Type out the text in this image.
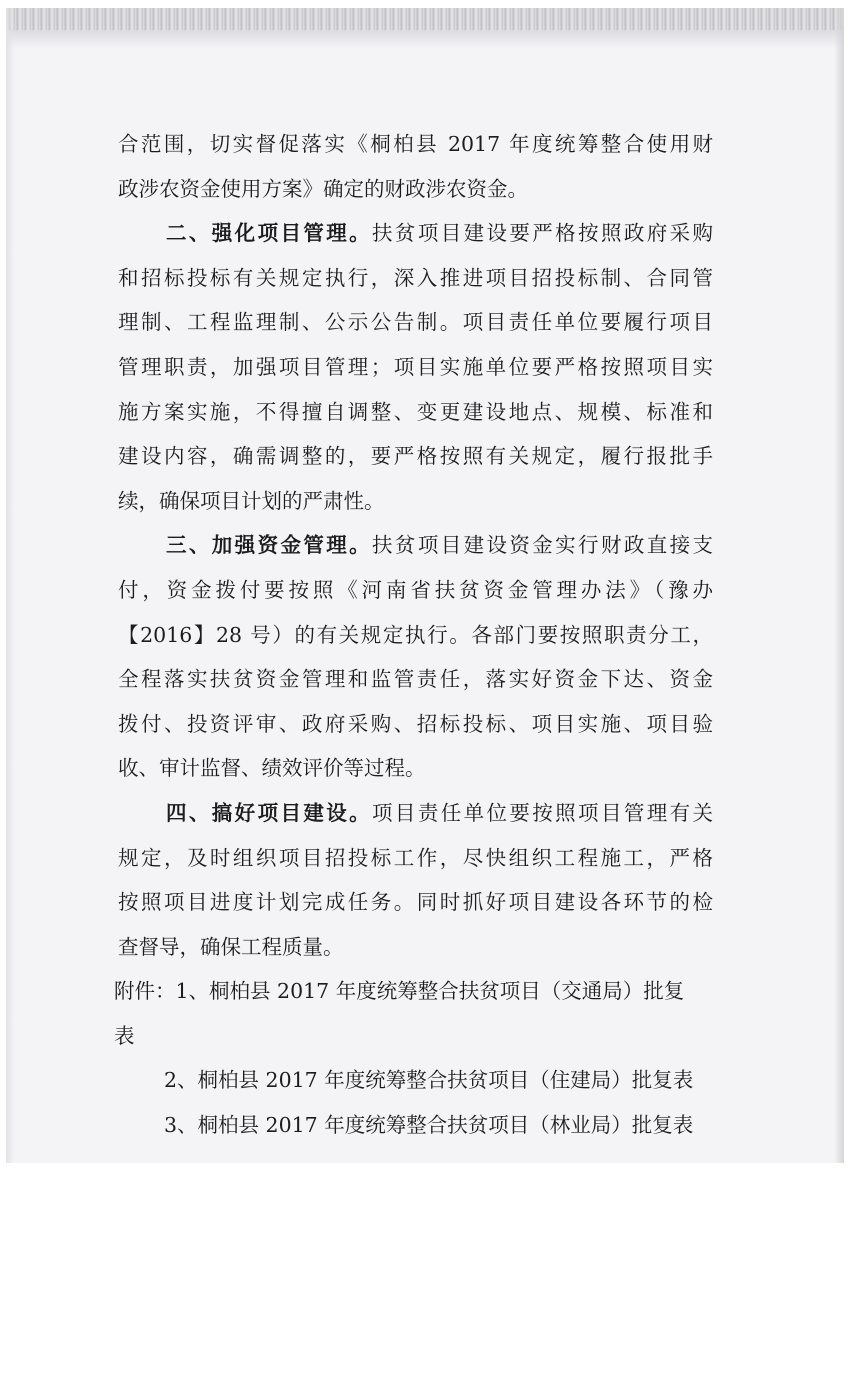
合范围，切实督促落实《桐柏县 2017 年度统筹整合使用财
政涉农资金使用方案》确定的财政涉农资金。
二、强化项目管理。扶贫项目建设要严格按照政府采购
和招标投标有关规定执行，深入推进项目招投标制、合同管
理制、工程监理制、公示公告制。项目责任单位要履行项目
管理职责，加强项目管理；项目实施单位要严格按照项目实
施方案实施，不得擅自调整、变更建设地点、规模、标准和
建设内容，确需调整的，要严格按照有关规定，履行报批手
续，确保项目计划的严肃性。
三、加强资金管理。扶贫项目建设资金实行财政直接支
付，资金拨付要按照《河南省扶贫资金管理办法》（豫办
【2016】28 号）的有关规定执行。各部门要按照职责分工，
全程落实扶贫资金管理和监管责任，落实好资金下达、资金
拨付、投资评审、政府采购、招标投标、项目实施、项目验
收、审计监督、绩效评价等过程。
四、搞好项目建设。项目责任单位要按照项目管理有关
规定，及时组织项目招投标工作，尽快组织工程施工，严格
按照项目进度计划完成任务。同时抓好项目建设各环节的检
查督导，确保工程质量。
附件：1、桐柏县 2017 年度统筹整合扶贫项目（交通局）批复
表
2、桐柏县 2017 年度统筹整合扶贫项目（住建局）批复表
3、桐柏县 2017 年度统筹整合扶贫项目（林业局）批复表
